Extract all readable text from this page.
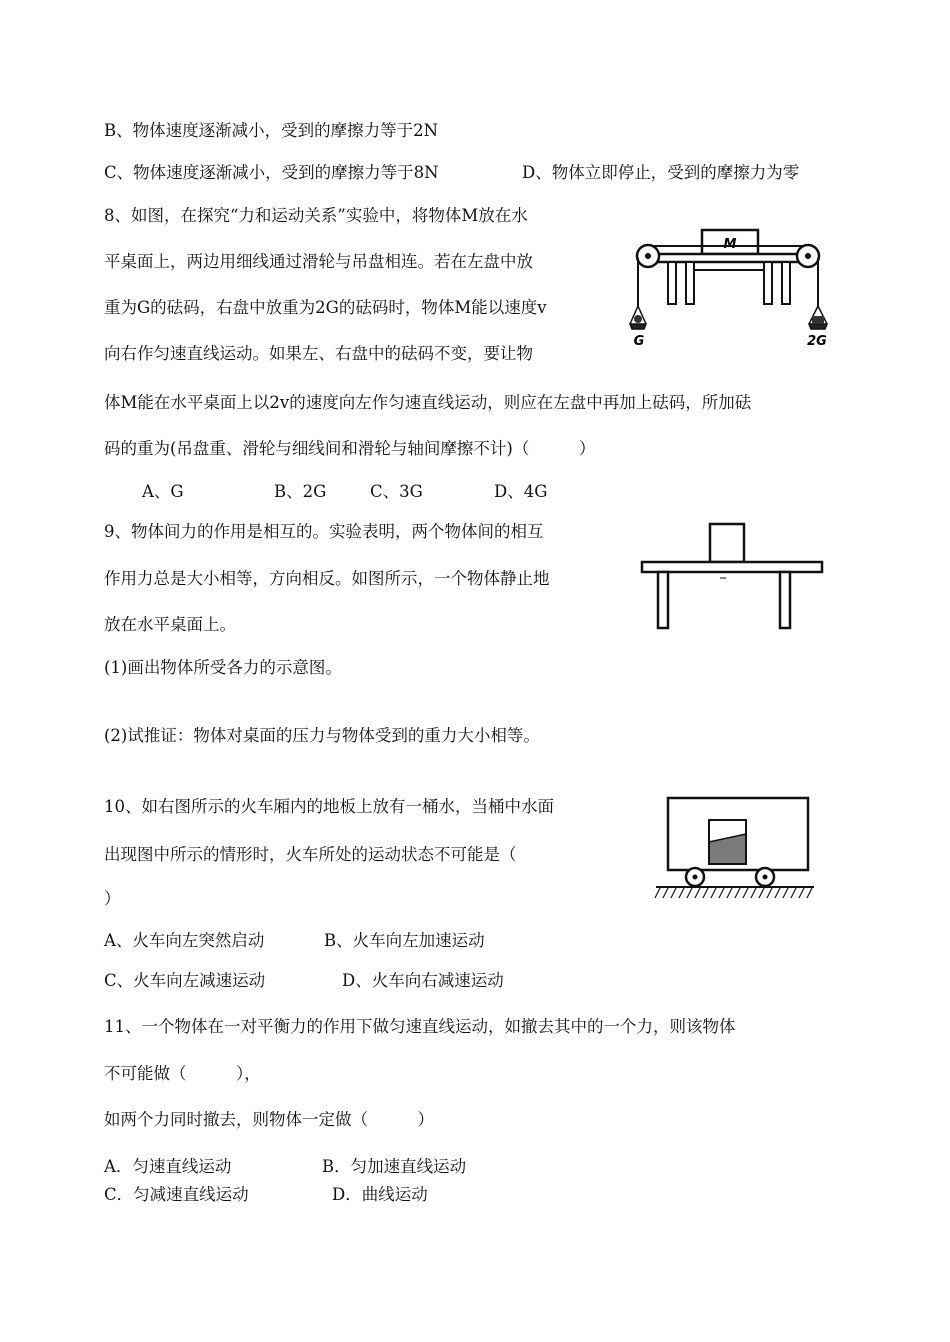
B、物体速度逐渐减小，受到的摩擦力等于2N
C、物体速度逐渐减小，受到的摩擦力等于8N	D、物体立即停止，受到的摩擦力为零
8、如图，在探究“力和运动关系”实验中，将物体M放在水
平桌面上，两边用细线通过滑轮与吊盘相连。若在左盘中放
重为G的砝码，右盘中放重为2G的砝码时，物体M能以速度v
向右作匀速直线运动。如果左、右盘中的砝码不变，要让物
体M能在水平桌面上以2v的速度向左作匀速直线运动，则应在左盘中再加上砝码，所加砝
码的重为(吊盘重、滑轮与细线间和滑轮与轴间摩擦不计)（　　　）
A、G	B、2G	C、3G	D、4G
M
G	2G
9、物体间力的作用是相互的。实验表明，两个物体间的相互
作用力总是大小相等，方向相反。如图所示，一个物体静止地
放在水平桌面上。
(1)画出物体所受各力的示意图。
(2)试推证：物体对桌面的压力与物体受到的重力大小相等。
10、如右图所示的火车厢内的地板上放有一桶水，当桶中水面
出现图中所示的情形时，火车所处的运动状态不可能是（
）
A、火车向左突然启动	B、火车向左加速运动
C、火车向左减速运动	D、火车向右减速运动
11、一个物体在一对平衡力的作用下做匀速直线运动，如撤去其中的一个力，则该物体
不可能做（　　　），
如两个力同时撤去，则物体一定做（　　　）
A．匀速直线运动	B．匀加速直线运动
C．匀减速直线运动	D．曲线运动
